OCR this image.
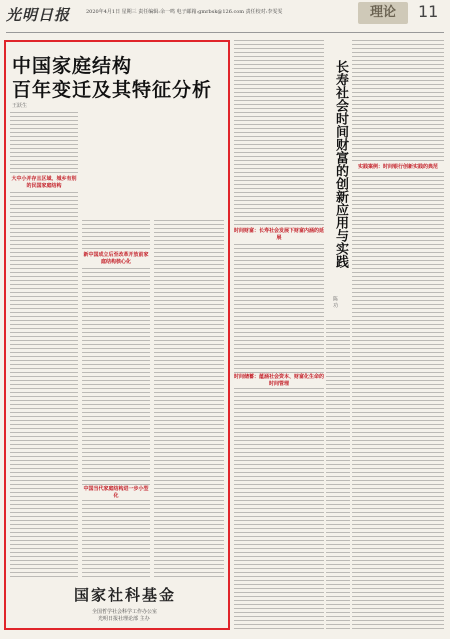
光明日报	2020年4月1日 星期三 责任编辑:余一鸣 电子邮箱:gmrbsk@126.com 责任校对:李雯雯	理论	11
中国家庭结构
百年变迁及其特征分析
王跃生
大中小并存且区域、城乡有别的民国家庭结构
新中国成立后至改革开放前家庭结构核心化
中国当代家庭结构进一步小型化
国家社科基金
全国哲学社会科学工作办公室
光明日报社理论部 主办
时间财富：长寿社会发展下财富内涵的延展
时间储蓄：蕴涵社会资本、财富化生命的时间管理
长寿社会时间财富的创新应用与实践
陈 功
实践案例：时间银行创新实践的典范
